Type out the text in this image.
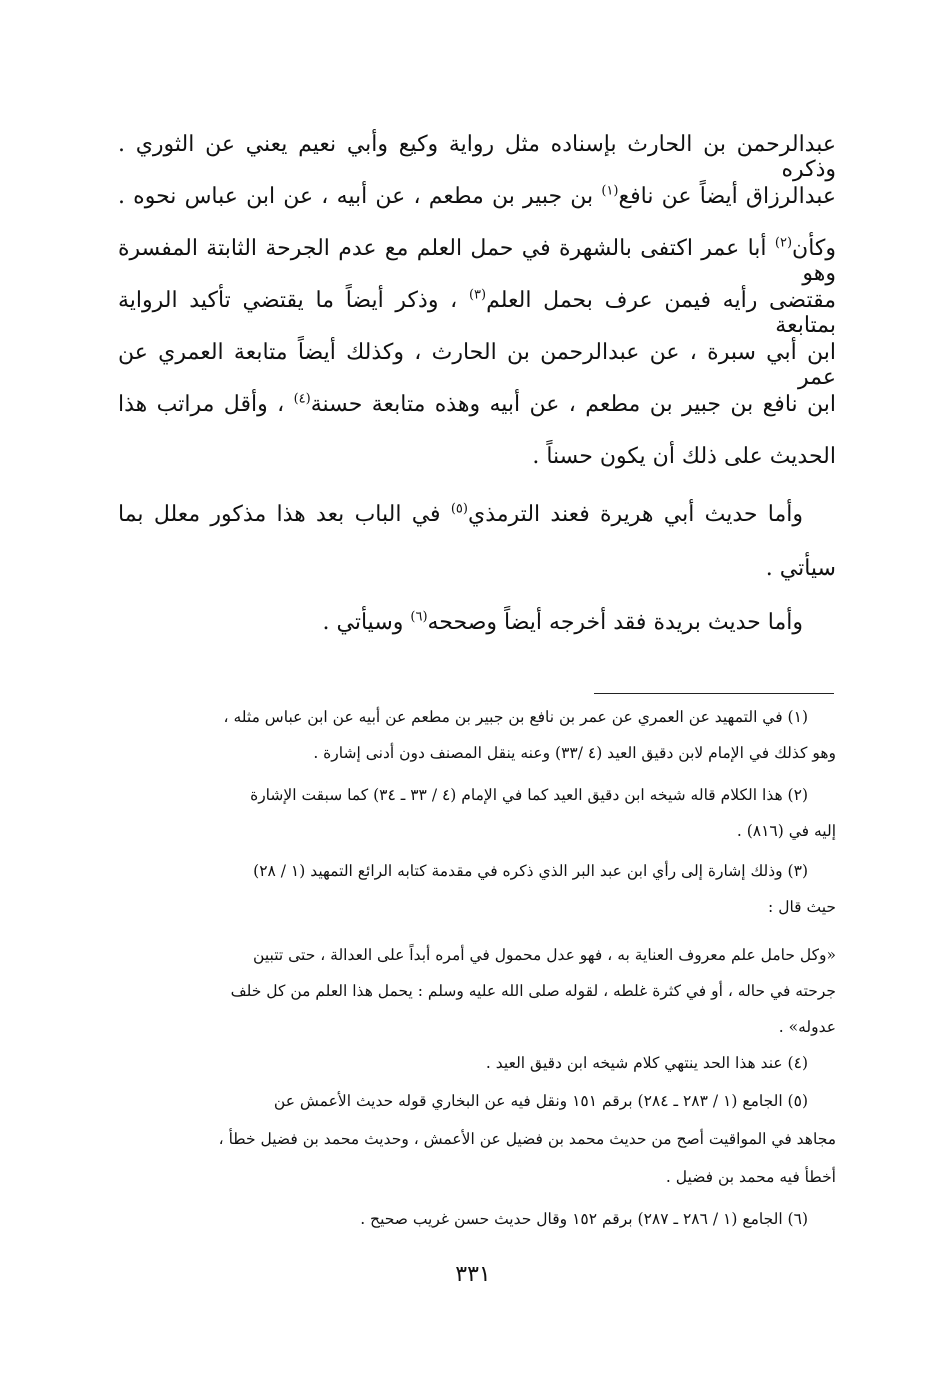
عبدالرحمن بن الحارث بإسناده مثل رواية وكيع وأبي نعيم يعني عن الثوري . وذكره
عبدالرزاق أيضاً عن نافع$^{(١)}$ بن جبير بن مطعم ، عن أبيه ، عن ابن عباس نحوه .
وكأن$^{(٢)}$ أبا عمر اكتفى بالشهرة في حمل العلم مع عدم الجرحة الثابتة المفسرة وهو
مقتضى رأيه فيمن عرف بحمل العلم$^{(٣)}$ ، وذكر أيضاً ما يقتضي تأكيد الرواية بمتابعة
ابن أبي سبرة ، عن عبدالرحمن بن الحارث ، وكذلك أيضاً متابعة العمري عن عمر
ابن نافع بن جبير بن مطعم ، عن أبيه وهذه متابعة حسنة$^{(٤)}$ ، وأقل مراتب هذا
الحديث على ذلك أن يكون حسناً .
وأما حديث أبي هريرة فعند الترمذي$^{(٥)}$ في الباب بعد هذا مذكور معلل بما
سيأتي .
وأما حديث بريدة فقد أخرجه أيضاً وصححه$^{(٦)}$ وسيأتي .
(١) في التمهيد عن العمري عن عمر بن نافع بن جبير بن مطعم عن أبيه عن ابن عباس مثله ،
وهو كذلك في الإمام لابن دقيق العيد (٤ /٣٣) وعنه ينقل المصنف دون أدنى إشارة .
(٢) هذا الكلام قاله شيخه ابن دقيق العيد كما في الإمام (٤ / ٣٣ ـ ٣٤) كما سبقت الإشارة
إليه في (٨١٦) .
(٣) وذلك إشارة إلى رأي ابن عبد البر الذي ذكره في مقدمة كتابه الرائع التمهيد (١ / ٢٨)
حيث قال :
«وكل حامل علم معروف العناية به ، فهو عدل محمول في أمره أبداً على العدالة ، حتى تتبين
جرحته في حاله ، أو في كثرة غلطه ، لقوله صلى الله عليه وسلم : يحمل هذا العلم من كل خلف
عدوله» .
(٤) عند هذا الحد ينتهي كلام شيخه ابن دقيق العيد .
(٥) الجامع (١ / ٢٨٣ ـ ٢٨٤) برقم ١٥١ ونقل فيه عن البخاري قوله حديث الأعمش عن
مجاهد في المواقيت أصح من حديث محمد بن فضيل عن الأعمش ، وحديث محمد بن فضيل خطأ ،
أخطأ فيه محمد بن فضيل .
(٦) الجامع (١ / ٢٨٦ ـ ٢٨٧) برقم ١٥٢ وقال حديث حسن غريب صحيح .
٣٣١
